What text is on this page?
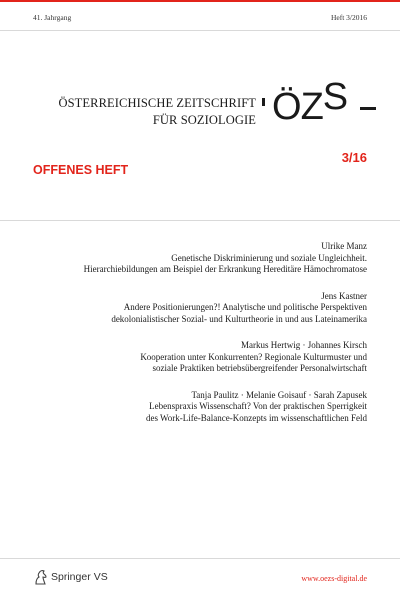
41. Jahrgang	Heft 3/2016
ÖSTERREICHISCHE ZEITSCHRIFT
FÜR SOZIOLOGIE ÖZS
OFFENES HEFT
3/16
Ulrike Manz
Genetische Diskriminierung und soziale Ungleichheit.
Hierarchiebildungen am Beispiel der Erkrankung Hereditäre Hämochromatose
Jens Kastner
Andere Positionierungen?! Analytische und politische Perspektiven
dekolonialistischer Sozial- und Kulturtheorie in und aus Lateinamerika
Markus Hertwig · Johannes Kirsch
Kooperation unter Konkurrenten? Regionale Kulturmuster und
soziale Praktiken betriebsübergreifender Personalwirtschaft
Tanja Paulitz · Melanie Goisauf · Sarah Zapusek
Lebenspraxis Wissenschaft? Von der praktischen Sperrigkeit
des Work-Life-Balance-Konzepts im wissenschaftlichen Feld
Springer VS	www.oezs-digital.de
